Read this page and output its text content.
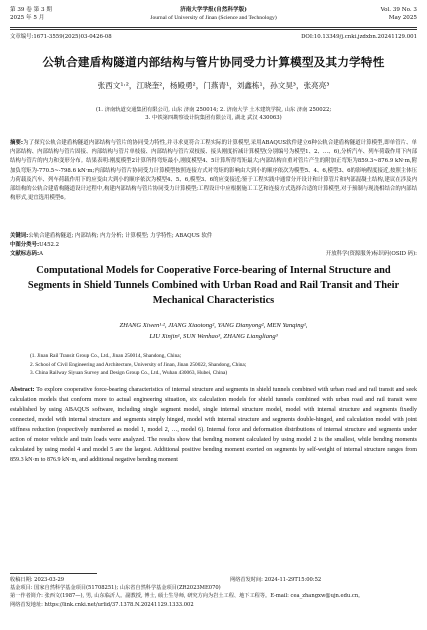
第 39 卷 第 3 期
2025 年 5 月
济南大学学报(自然科学版)
Journal of University of Jinan (Science and Technology)
Vol. 39 No. 3
May 2025
文章编号:1671-3559(2025)03-0426-08	DOI:10.13349/j.cnki.jzdxbn.20241129.001
公轨合建盾构隧道内部结构与管片协同受力计算模型及其力学特性
张西文¹·²，江晓奎²，杨殿勇²，门燕青¹，刘鑫栋¹，孙文昊³，张亮亮³
(1. 济南轨道交通集团有限公司, 山东 济南 250014; 2. 济南大学 土木建筑学院, 山东 济南 250022;
3. 中铁第四勘察设计院集团有限公司, 湖北 武汉 430063)
摘要:为了探究公轨合建盾构隧道内部结构与管片的协同受力特性,并寻求更符合工程实际的计算模型,采用ABAQUS软件建立6种公轨合建盾构隧道计算模型,即单管片、单内部结构、内部结构与管片固接、内部结构与管片单枝接、内部结构与管片双枝接、接头刚度折减计算模型(分别编号为模型1、2、…、6),分析汽车、列车荷载作用下内部结构与管片的内力和变形分布。结果表明:刚度模型2计算所得弯矩最小,刚度模型4、5计算所得弯矩最大;内部结构自重对管片产生的附加正弯矩为859.3~876.9 kN·m,附加负弯矩为-770.5~-798.6 kN·m;内部结构与管片协同受力计算模型按照连接方式对弯矩的影响由大到小的顺序依次为模型5、4、6,模型3、6的影响程度接近,按照主体压力荷载及汽车、列车荷载作用下的应变由大到小的顺序依次为模型4、5、6,模型3、6的应变接近;鉴于工程实践中通常分开设计和计算管片和内部混凝土结构,建议在涉及内部结构的公轨合建盾构隧道设计过程中,构建内部结构与管片协同受力计算模型;工程设计中应根据施工工艺和连接方式选择合适的计算模型,对于预制与现浇相结合的内部结构形式,更宜选用模型6。
关键词:公轨合建盾构隧道; 内部结构; 内力分析; 计算模型; 力学特性; ABAQUS 软件
中图分类号:U452.2
文献标志码:A	开放科学(资源服务)标识码(OSID 码):
Computational Models for Cooperative Force-bearing of Internal Structure and Segments in Shield Tunnels Combined with Urban Road and Rail Transit and Their Mechanical Characteristics
ZHANG Xiwen¹·², JIANG Xiaotong², YANG Dianyong², MEN Yanqing¹,
LIU Xinjin¹, SUN Wenhao³, ZHANG Liangliang³
(1. Jinan Rail Transit Group Co., Ltd., Jinan 250014, Shandong, China;
2. School of Civil Engineering and Architecture, University of Jinan, Jinan 250022, Shandong, China;
3. China Railway Siyuan Survey and Design Group Co., Ltd., Wuhan 430063, Hubei, China)
Abstract: To explore cooperative force-bearing characteristics of internal structure and segments in shield tunnels combined with urban road and rail transit and seek calculation models that conform more to actual engineering situation, six calculation models for shield tunnels combined with urban road and rail transit were established by using ABAQUS software, including single segment model, single internal structure model, model with internal structure and segments fixedly connected, model with internal structure and segments simply hinged, model with internal structure and segments double-hinged, and calculation model with joint stiffness reduction (respectively numbered as model 1, model 2, …, model 6). Internal force and deformation distributions of internal structure and segments under action of motor vehicle and train loads were analyzed. The results show that bending moment calculated by using model 2 is the smallest, while bending moments calculated by using model 4 and model 5 are the largest. Additional positive bending moment exerted on segments by self-weight of internal structure ranges from 859.3 kN·m to 876.9 kN·m, and additional negative bending moment
收稿日期: 2023-03-29	网络首发时间: 2024-11-29T15:00:52
基金项目: 国家自然科学基金项目(51708251); 山东省自然科学基金项目(ZR2023ME070)
第一作者简介: 张西文(1987—), 男, 山东临沂人。副教授, 博士, 硕士生导师, 研究方向为岩土工程、地下工程等。E-mail: cea_zhangxw@ujn.edu.cn。
网络首发地址: https://link.cnki.net/urlid/37.1378.N.20241129.1333.002
